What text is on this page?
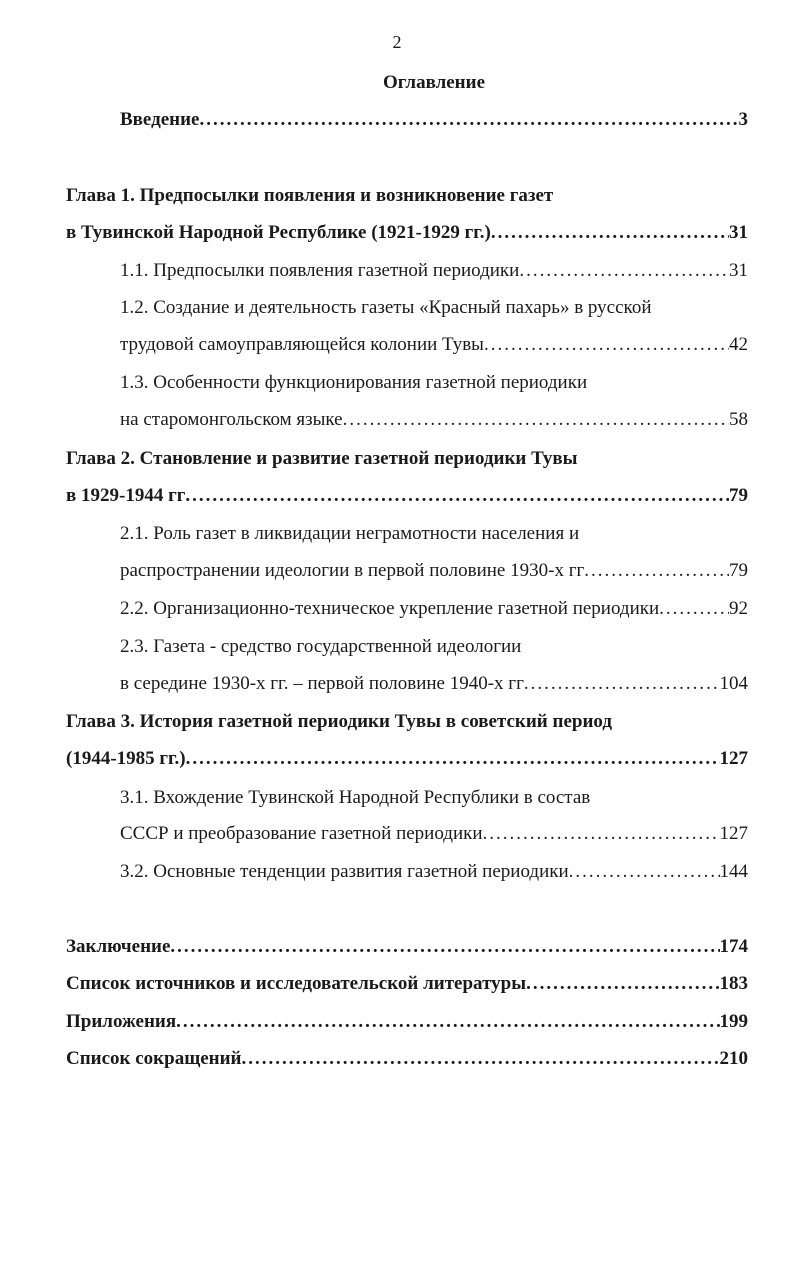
2
Оглавление
Введение .....	3
Глава 1. Предпосылки появления и возникновение газет
в Тувинской Народной Республике (1921-1929 гг.) .....	31
1.1. Предпосылки появления газетной периодики .....	31
1.2. Создание и деятельность газеты «Красный пахарь» в русской
трудовой самоуправляющейся колонии Тувы .....	42
1.3. Особенности функционирования газетной периодики
на старомонгольском языке .....	58
Глава 2. Становление и развитие газетной периодики Тувы
в 1929-1944 гг .....	79
2.1. Роль газет в ликвидации неграмотности населения и
распространении идеологии в первой половине 1930-х гг .....	79
2.2. Организационно-техническое укрепление газетной периодики .....	92
2.3. Газета - средство государственной идеологии
в середине 1930-х гг. – первой половине 1940-х гг .....	104
Глава 3. История газетной периодики Тувы в советский период
(1944-1985 гг.) .....	127
3.1. Вхождение Тувинской Народной Республики в состав
СССР и преобразование газетной периодики .....	127
3.2. Основные тенденции развития газетной периодики .....	144
Заключение .....	174
Список источников и исследовательской литературы .....	183
Приложения .....	199
Список сокращений .....	210
